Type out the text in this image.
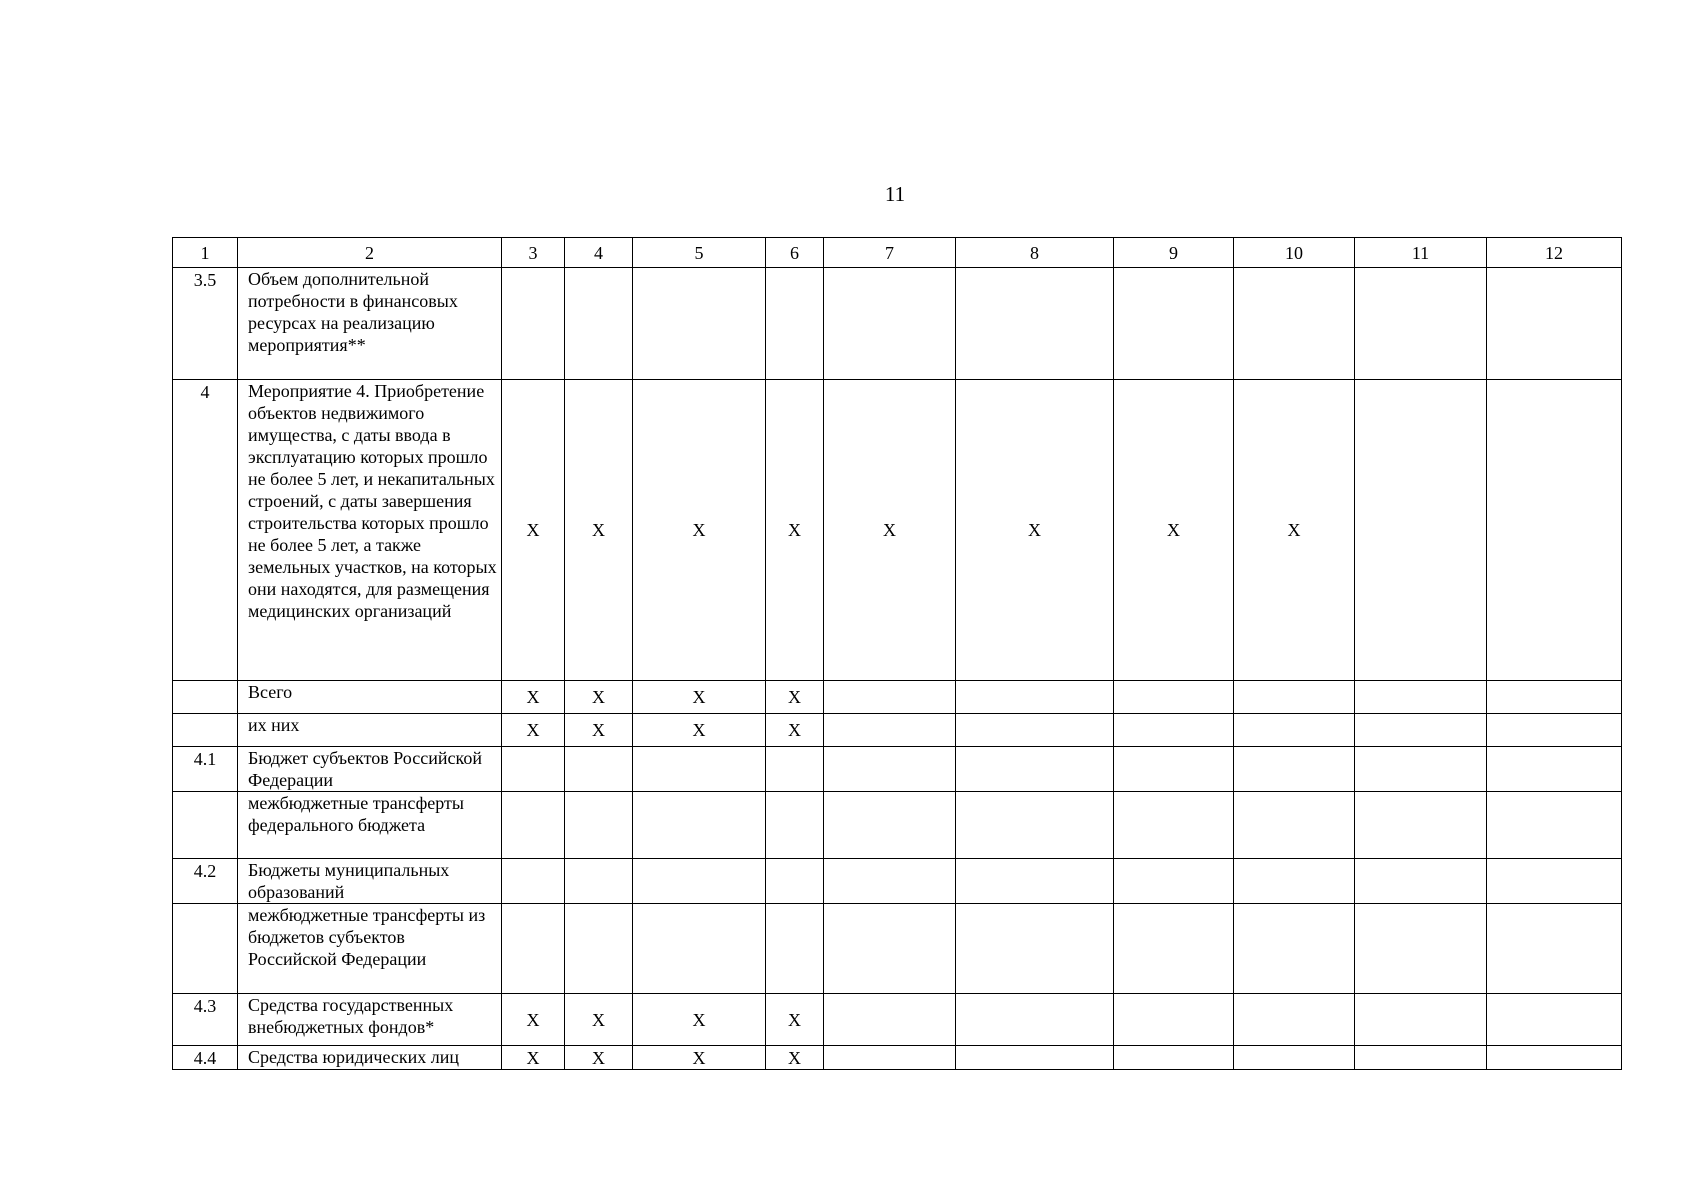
11
1	2	3	4	5	6	7	8	9	10	11	12
3.5	Объем дополнительной потребности в финансовых ресурсах на реализацию мероприятия**										
4	Мероприятие 4. Приобретение объектов недвижимого имущества, с даты ввода в эксплуатацию которых прошло не более 5 лет, и некапитальных строений, с даты завершения строительства которых прошло не более 5 лет, а также земельных участков, на которых они находятся, для размещения медицинских организаций	X	X	X	X	X	X	X	X		
	Всего	X	X	X	X						
	их них	X	X	X	X						
4.1	Бюджет субъектов Российской Федерации										
	межбюджетные трансферты федерального бюджета										
4.2	Бюджеты муниципальных образований										
	межбюджетные трансферты из бюджетов субъектов Российской Федерации										
4.3	Средства государственных внебюджетных фондов*	X	X	X	X						
4.4	Средства юридических лиц	X	X	X	X						
